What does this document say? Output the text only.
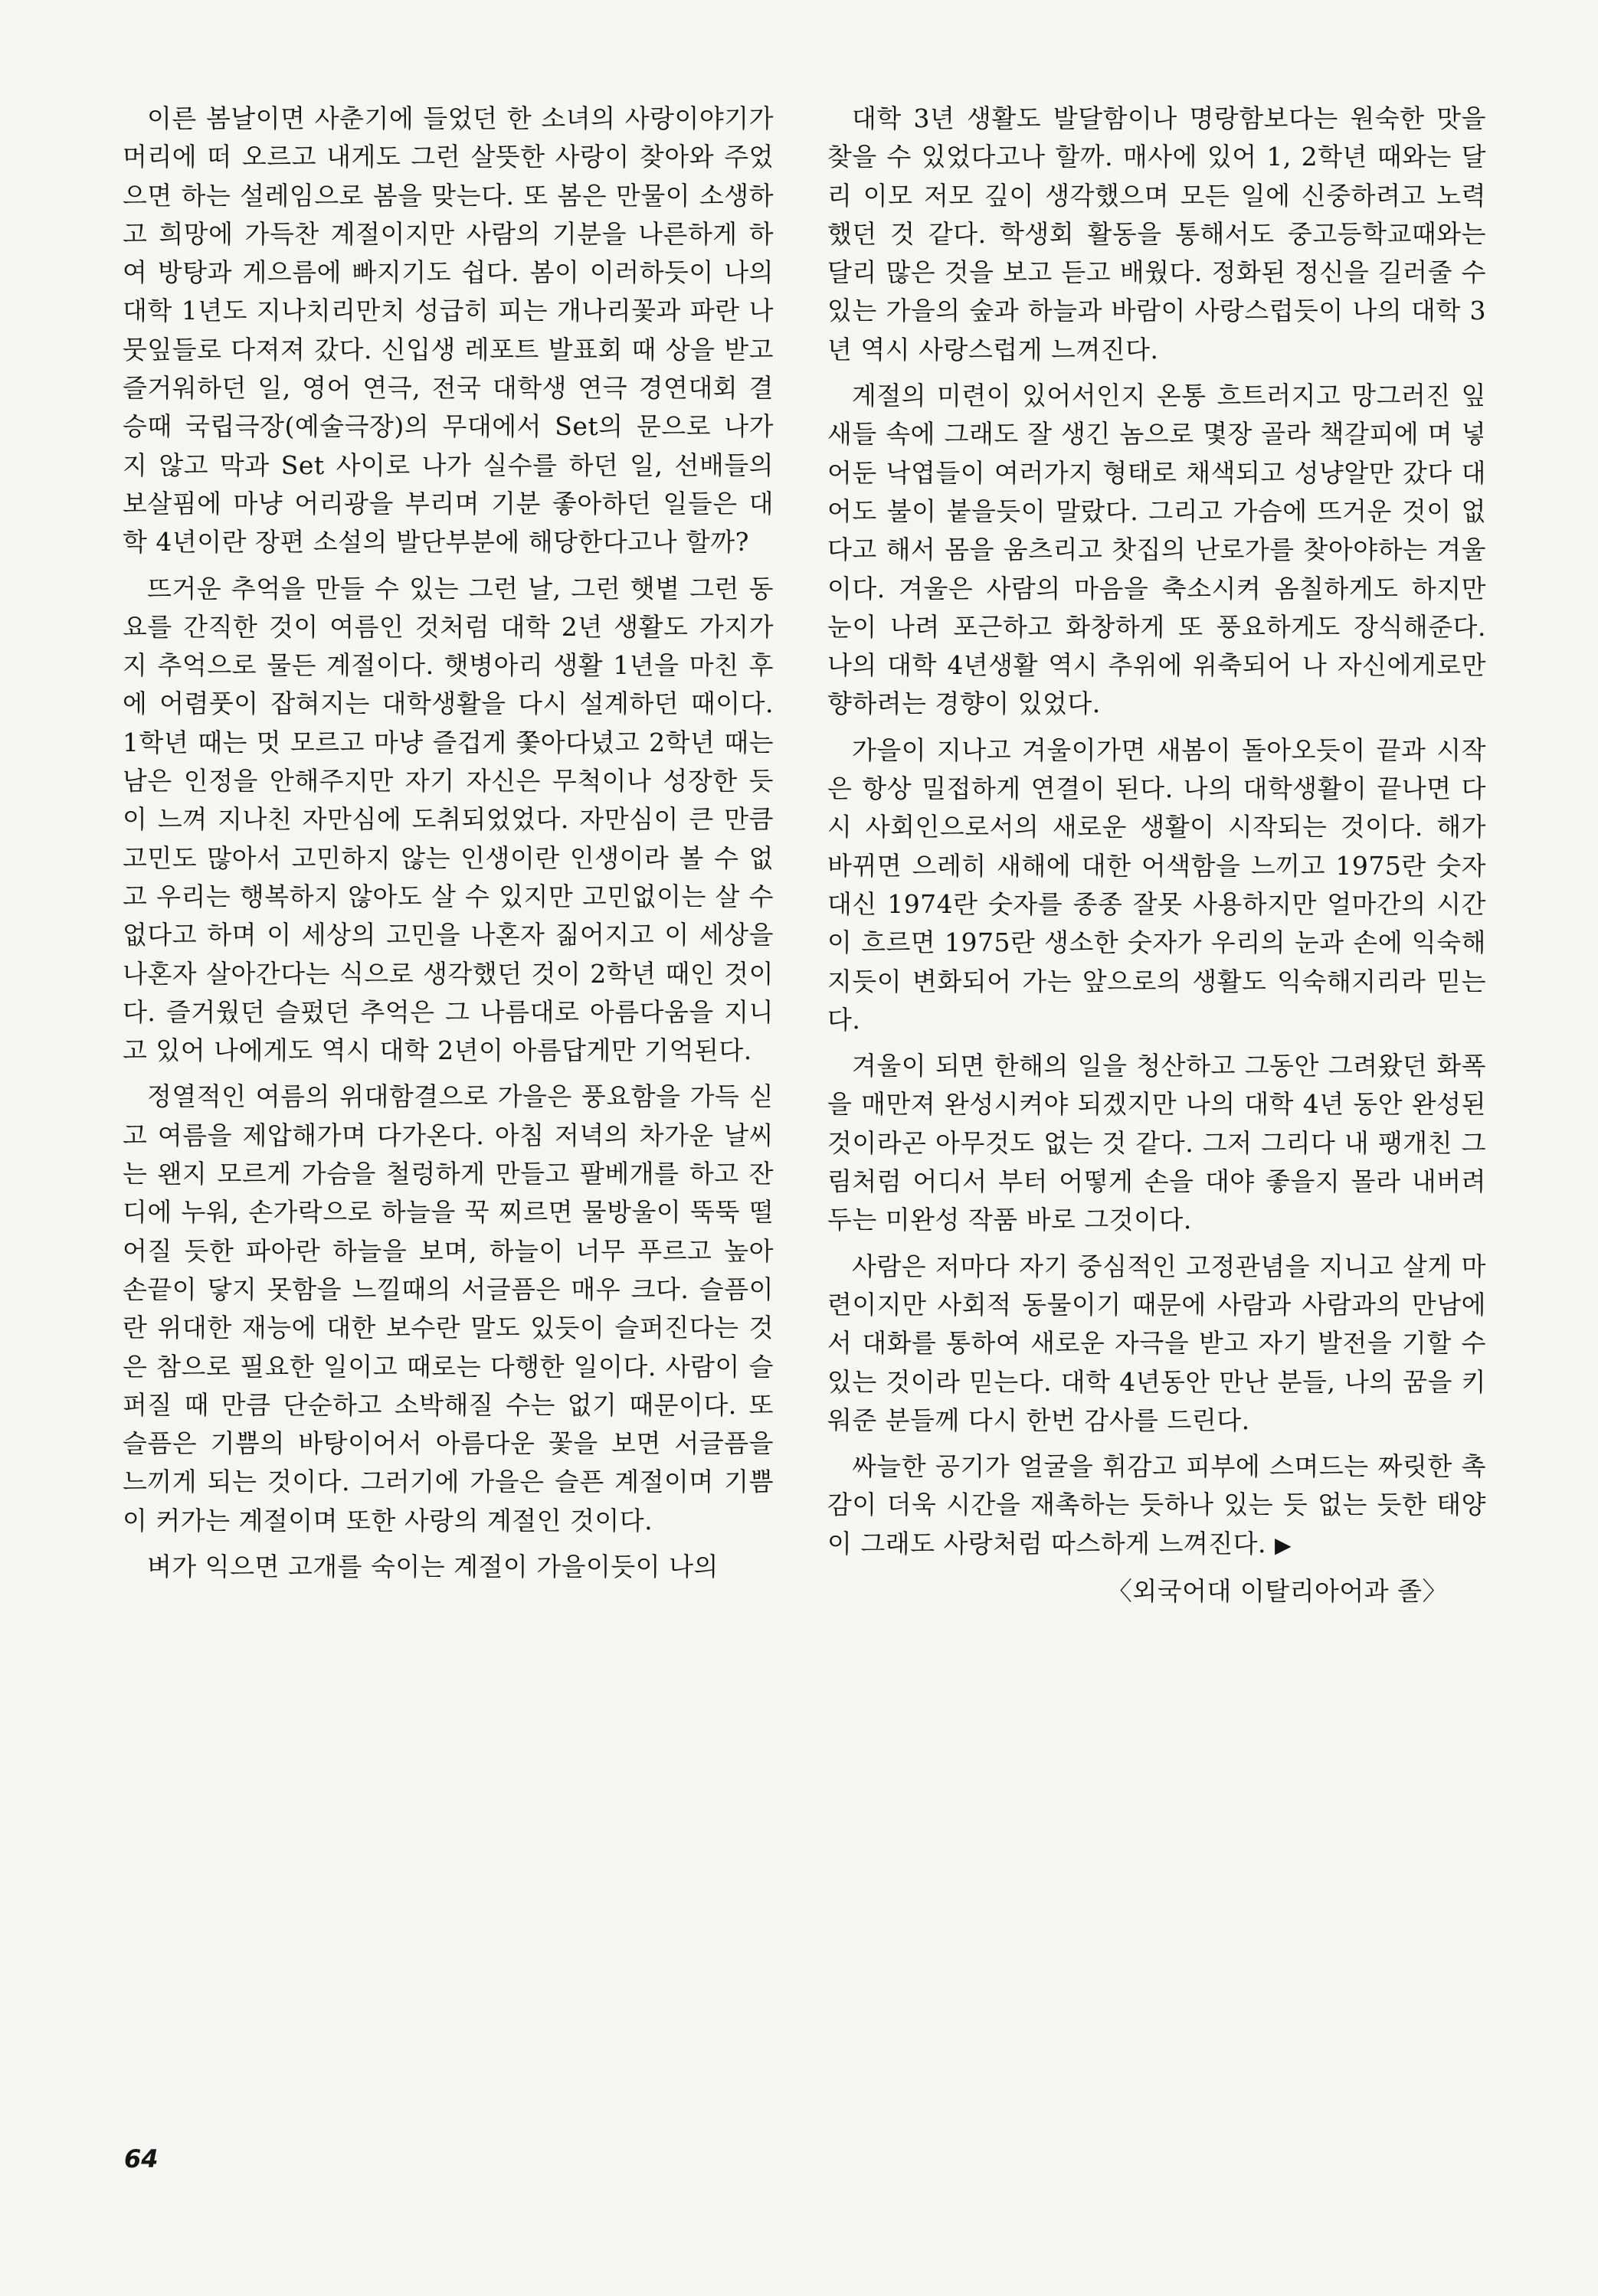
이른 봄날이면 사춘기에 들었던 한 소녀의 사랑이야기가 머리에 떠 오르고 내게도 그런 살뜻한 사랑이 찾아와 주었으면 하는 설레임으로 봄을 맞는다. 또 봄은 만물이 소생하고 희망에 가득찬 계절이지만 사람의 기분을 나른하게 하여 방탕과 게으름에 빠지기도 쉽다. 봄이 이러하듯이 나의 대학 1년도 지나치리만치 성급히 피는 개나리꽃과 파란 나뭇잎들로 다져져 갔다. 신입생 레포트 발표회 때 상을 받고 즐거워하던 일, 영어 연극, 전국 대학생 연극 경연대회 결승때 국립극장(예술극장)의 무대에서 Set의 문으로 나가지 않고 막과 Set 사이로 나가 실수를 하던 일, 선배들의 보살핌에 마냥 어리광을 부리며 기분 좋아하던 일들은 대학 4년이란 장편 소설의 발단부분에 해당한다고나 할까?

뜨거운 추억을 만들 수 있는 그런 날, 그런 햇볕 그런 동요를 간직한 것이 여름인 것처럼 대학 2년 생활도 가지가지 추억으로 물든 계절이다. 햇병아리 생활 1년을 마친 후에 어렴풋이 잡혀지는 대학생활을 다시 설계하던 때이다. 1학년 때는 멋 모르고 마냥 즐겁게 쫓아다녔고 2학년 때는 남은 인정을 안해주지만 자기 자신은 무척이나 성장한 듯이 느껴 지나친 자만심에 도취되었었다. 자만심이 큰 만큼 고민도 많아서 고민하지 않는 인생이란 인생이라 볼 수 없고 우리는 행복하지 않아도 살 수 있지만 고민없이는 살 수 없다고 하며 이 세상의 고민을 나혼자 짊어지고 이 세상을 나혼자 살아간다는 식으로 생각했던 것이 2학년 때인 것이다. 즐거웠던 슬펐던 추억은 그 나름대로 아름다움을 지니고 있어 나에게도 역시 대학 2년이 아름답게만 기억된다.

정열적인 여름의 위대함결으로 가을은 풍요함을 가득 싣고 여름을 제압해가며 다가온다. 아침 저녁의 차가운 날씨는 왠지 모르게 가슴을 철렁하게 만들고 팔베개를 하고 잔디에 누워, 손가락으로 하늘을 꾹 찌르면 물방울이 뚝뚝 떨어질 듯한 파아란 하늘을 보며, 하늘이 너무 푸르고 높아 손끝이 닿지 못함을 느낄때의 서글픔은 매우 크다. 슬픔이란 위대한 재능에 대한 보수란 말도 있듯이 슬퍼진다는 것은 참으로 필요한 일이고 때로는 다행한 일이다. 사람이 슬퍼질 때 만큼 단순하고 소박해질 수는 없기 때문이다. 또 슬픔은 기쁨의 바탕이어서 아름다운 꽃을 보면 서글픔을 느끼게 되는 것이다. 그러기에 가을은 슬픈 계절이며 기쁨이 커가는 계절이며 또한 사랑의 계절인 것이다.

벼가 익으면 고개를 숙이는 계절이 가을이듯이 나의

대학 3년 생활도 발달함이나 명랑함보다는 원숙한 맛을 찾을 수 있었다고나 할까. 매사에 있어 1, 2학년 때와는 달리 이모 저모 깊이 생각했으며 모든 일에 신중하려고 노력했던 것 같다. 학생회 활동을 통해서도 중고등학교때와는 달리 많은 것을 보고 듣고 배웠다. 정화된 정신을 길러줄 수 있는 가을의 숲과 하늘과 바람이 사랑스럽듯이 나의 대학 3년 역시 사랑스럽게 느껴진다.

계절의 미련이 있어서인지 온통 흐트러지고 망그러진 잎새들 속에 그래도 잘 생긴 놈으로 몇장 골라 책갈피에 며 넣어둔 낙엽들이 여러가지 형태로 채색되고 성냥알만 갔다 대어도 불이 붙을듯이 말랐다. 그리고 가슴에 뜨거운 것이 없다고 해서 몸을 움츠리고 찻집의 난로가를 찾아야하는 겨울이다. 겨울은 사람의 마음을 축소시켜 옴칠하게도 하지만 눈이 나려 포근하고 화창하게 또 풍요하게도 장식해준다. 나의 대학 4년생활 역시 추위에 위축되어 나 자신에게로만 향하려는 경향이 있었다.

가을이 지나고 겨울이가면 새봄이 돌아오듯이 끝과 시작은 항상 밀접하게 연결이 된다. 나의 대학생활이 끝나면 다시 사회인으로서의 새로운 생활이 시작되는 것이다. 해가 바뀌면 으레히 새해에 대한 어색함을 느끼고 1975란 숫자 대신 1974란 숫자를 종종 잘못 사용하지만 얼마간의 시간이 흐르면 1975란 생소한 숫자가 우리의 눈과 손에 익숙해지듯이 변화되어 가는 앞으로의 생활도 익숙해지리라 믿는다.

겨울이 되면 한해의 일을 청산하고 그동안 그려왔던 화폭을 매만져 완성시켜야 되겠지만 나의 대학 4년 동안 완성된 것이라곤 아무것도 없는 것 같다. 그저 그리다 내 팽개친 그림처럼 어디서 부터 어떻게 손을 대야 좋을지 몰라 내버려두는 미완성 작품 바로 그것이다.

사람은 저마다 자기 중심적인 고정관념을 지니고 살게 마련이지만 사회적 동물이기 때문에 사람과 사람과의 만남에서 대화를 통하여 새로운 자극을 받고 자기 발전을 기할 수 있는 것이라 믿는다. 대학 4년동안 만난 분들, 나의 꿈을 키워준 분들께 다시 한번 감사를 드린다.

싸늘한 공기가 얼굴을 휘감고 피부에 스며드는 짜릿한 촉감이 더욱 시간을 재촉하는 듯하나 있는 듯 없는 듯한 태양이 그래도 사랑처럼 따스하게 느껴진다. ▶

〈외국어대 이탈리아어과 졸〉
64
